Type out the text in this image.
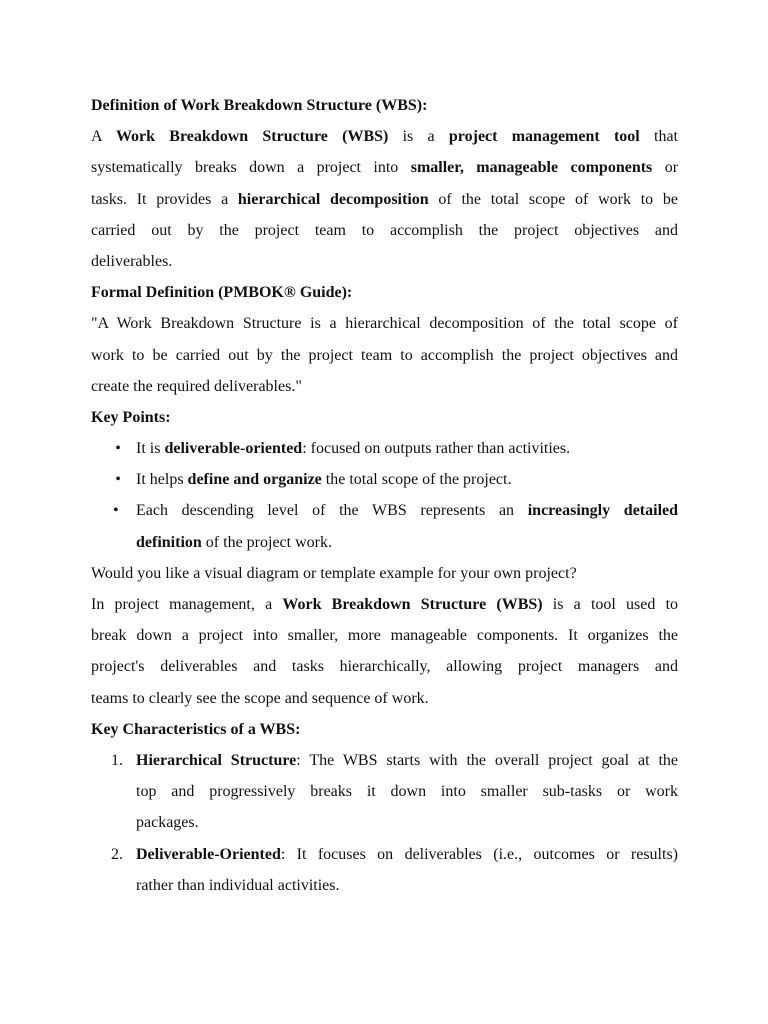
Definition of Work Breakdown Structure (WBS):
A Work Breakdown Structure (WBS) is a project management tool that
systematically breaks down a project into smaller, manageable components or
tasks. It provides a hierarchical decomposition of the total scope of work to be
carried out by the project team to accomplish the project objectives and
deliverables.
Formal Definition (PMBOK® Guide):
"A Work Breakdown Structure is a hierarchical decomposition of the total scope of
work to be carried out by the project team to accomplish the project objectives and
create the required deliverables."
Key Points:
• It is deliverable-oriented: focused on outputs rather than activities.
• It helps define and organize the total scope of the project.
• Each descending level of the WBS represents an increasingly detailed
definition of the project work.
Would you like a visual diagram or template example for your own project?
In project management, a Work Breakdown Structure (WBS) is a tool used to
break down a project into smaller, more manageable components. It organizes the
project's deliverables and tasks hierarchically, allowing project managers and
teams to clearly see the scope and sequence of work.
Key Characteristics of a WBS:
1. Hierarchical Structure: The WBS starts with the overall project goal at the
top and progressively breaks it down into smaller sub-tasks or work
packages.
2. Deliverable-Oriented: It focuses on deliverables (i.e., outcomes or results)
rather than individual activities.
